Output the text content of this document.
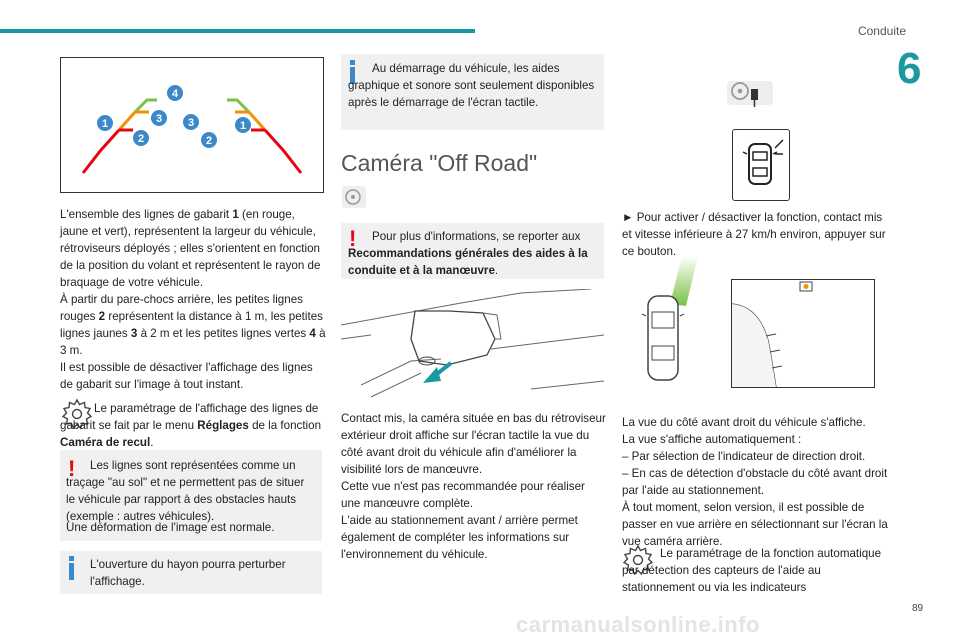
Conduite
6
1
2
3
4
3
2
1

L'ensemble des lignes de gabarit 1 (en rouge, jaune et vert), représentent la largeur du véhicule, rétroviseurs déployés ; elles s'orientent en fonction de la position du volant et représentent le rayon de braquage de votre véhicule.

À partir du pare-chocs arrière, les petites lignes rouges 2 représentent la distance à 1 m, les petites lignes jaunes 3 à 2 m et les petites lignes vertes 4 à 3 m.

Il est possible de désactiver l'affichage des lignes de gabarit sur l'image à tout instant.

Le paramétrage de l'affichage des lignes de gabarit se fait par le menu Réglages de la fonction Caméra de recul.

!	Les lignes sont représentées comme un traçage "au sol" et ne permettent pas de situer le véhicule par rapport à des obstacles hauts (exemple : autres véhicules).

Une déformation de l'image est normale.

L'ouverture du hayon pourra perturber l'affichage.

Au démarrage du véhicule, les aides graphique et sonore sont seulement disponibles après le démarrage de l'écran tactile.

Caméra "Off Road"
!	Pour plus d'informations, se reporter aux Recommandations générales des aides à la conduite et à la manœuvre.

Contact mis, la caméra située en bas du rétroviseur extérieur droit affiche sur l'écran tactile la vue du côté avant droit du véhicule afin d'améliorer la visibilité lors de manœuvre.

Cette vue n'est pas recommandée pour réaliser une manœuvre complète.

L'aide au stationnement avant / arrière permet également de compléter les informations sur l'environnement du véhicule.

► Pour activer / désactiver la fonction, contact mis et vitesse inférieure à 27 km/h environ, appuyer sur ce bouton.

La vue du côté avant droit du véhicule s'affiche.

La vue s'affiche automatiquement :

– Par sélection de l'indicateur de direction droit.

– En cas de détection d'obstacle du côté avant droit par l'aide au stationnement.

À tout moment, selon version, il est possible de passer en vue arrière en sélectionnant sur l'écran la vue caméra arrière.

Le paramétrage de la fonction automatique par détection des capteurs de l'aide au stationnement ou via les indicateurs

carmanualsonline.info
89
